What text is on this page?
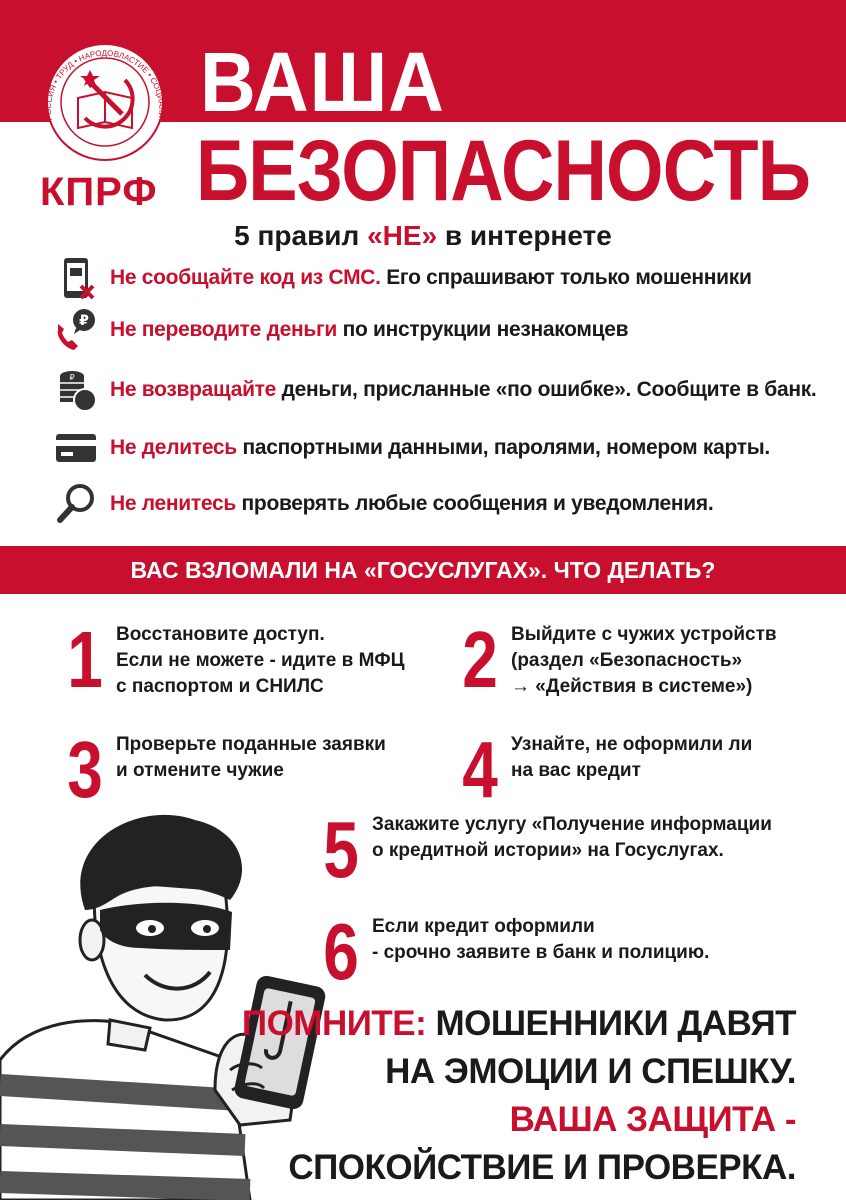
РОССИЯ • ТРУД • НАРОДОВЛАСТИЕ • СОЦИАЛИ
КПРФ
ВАША
БЕЗОПАСНОСТЬ
5 правил «НЕ» в интернете
Не сообщайте код из СМС. Его спрашивают только мошенники
₽ Не переводите деньги по инструкции незнакомцев
₽
Не возвращайте деньги, присланные «по ошибке». Сообщите в банк.
Не делитесь паспортными данными, паролями, номером карты.
Не ленитесь проверять любые сообщения и уведомления.
ВАС ВЗЛОМАЛИ НА «ГОСУСЛУГАХ». ЧТО ДЕЛАТЬ?
1 Восстановите доступ.
Если не можете - идите в МФЦ
с паспортом и СНИЛС	2 Выйдите с чужих устройств
(раздел «Безопасность»
→ «Действия в системе»)
3 Проверьте поданные заявки
и отмените чужие	4 Узнайте, не оформили ли
на вас кредит
5 Закажите услугу «Получение информации
о кредитной истории» на Госуслугах.
6 Если кредит оформили
- срочно заявите в банк и полицию.
ПОМНИТЕ: МОШЕННИКИ ДАВЯТ
НА ЭМОЦИИ И СПЕШКУ.
ВАША ЗАЩИТА -
СПОКОЙСТВИЕ И ПРОВЕРКА.
